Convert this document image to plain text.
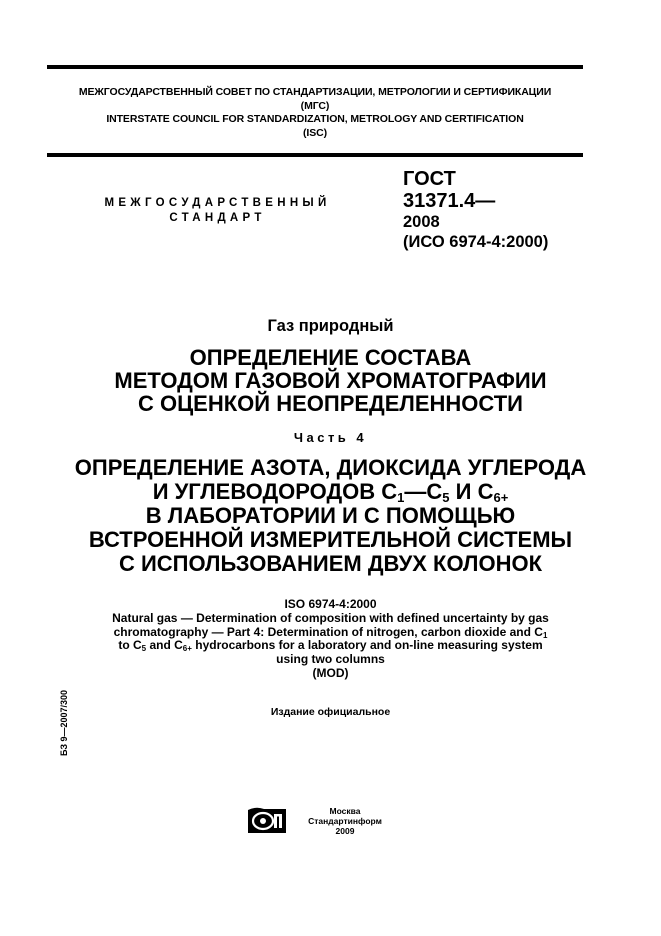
МЕЖГОСУДАРСТВЕННЫЙ СОВЕТ ПО СТАНДАРТИЗАЦИИ, МЕТРОЛОГИИ И СЕРТИФИКАЦИИ
(МГС)
INTERSTATE COUNCIL FOR STANDARDIZATION, METROLOGY AND CERTIFICATION
(ISC)
МЕЖГОСУДАРСТВЕННЫЙ
СТАНДАРТ
ГОСТ
31371.4—
2008
(ИСО 6974-4:2000)
Газ природный
ОПРЕДЕЛЕНИЕ СОСТАВА
МЕТОДОМ ГАЗОВОЙ ХРОМАТОГРАФИИ
С ОЦЕНКОЙ НЕОПРЕДЕЛЕННОСТИ
Часть 4
ОПРЕДЕЛЕНИЕ АЗОТА, ДИОКСИДА УГЛЕРОДА
И УГЛЕВОДОРОДОВ $С_1—С_5$ И $С_{6+}$
В ЛАБОРАТОРИИ И С ПОМОЩЬЮ
ВСТРОЕННОЙ ИЗМЕРИТЕЛЬНОЙ СИСТЕМЫ
С ИСПОЛЬЗОВАНИЕМ ДВУХ КОЛОНОК
ISO 6974-4:2000
Natural gas — Determination of composition with defined uncertainty by gas
chromatography — Part 4: Determination of nitrogen, carbon dioxide and $C_1$
to $C_5$ and $C_{6+}$ hydrocarbons for a laboratory and on-line measuring system
using two columns
(MOD)
Издание официальное
БЗ 9—2007/300
Москва
Стандартинформ
2009
